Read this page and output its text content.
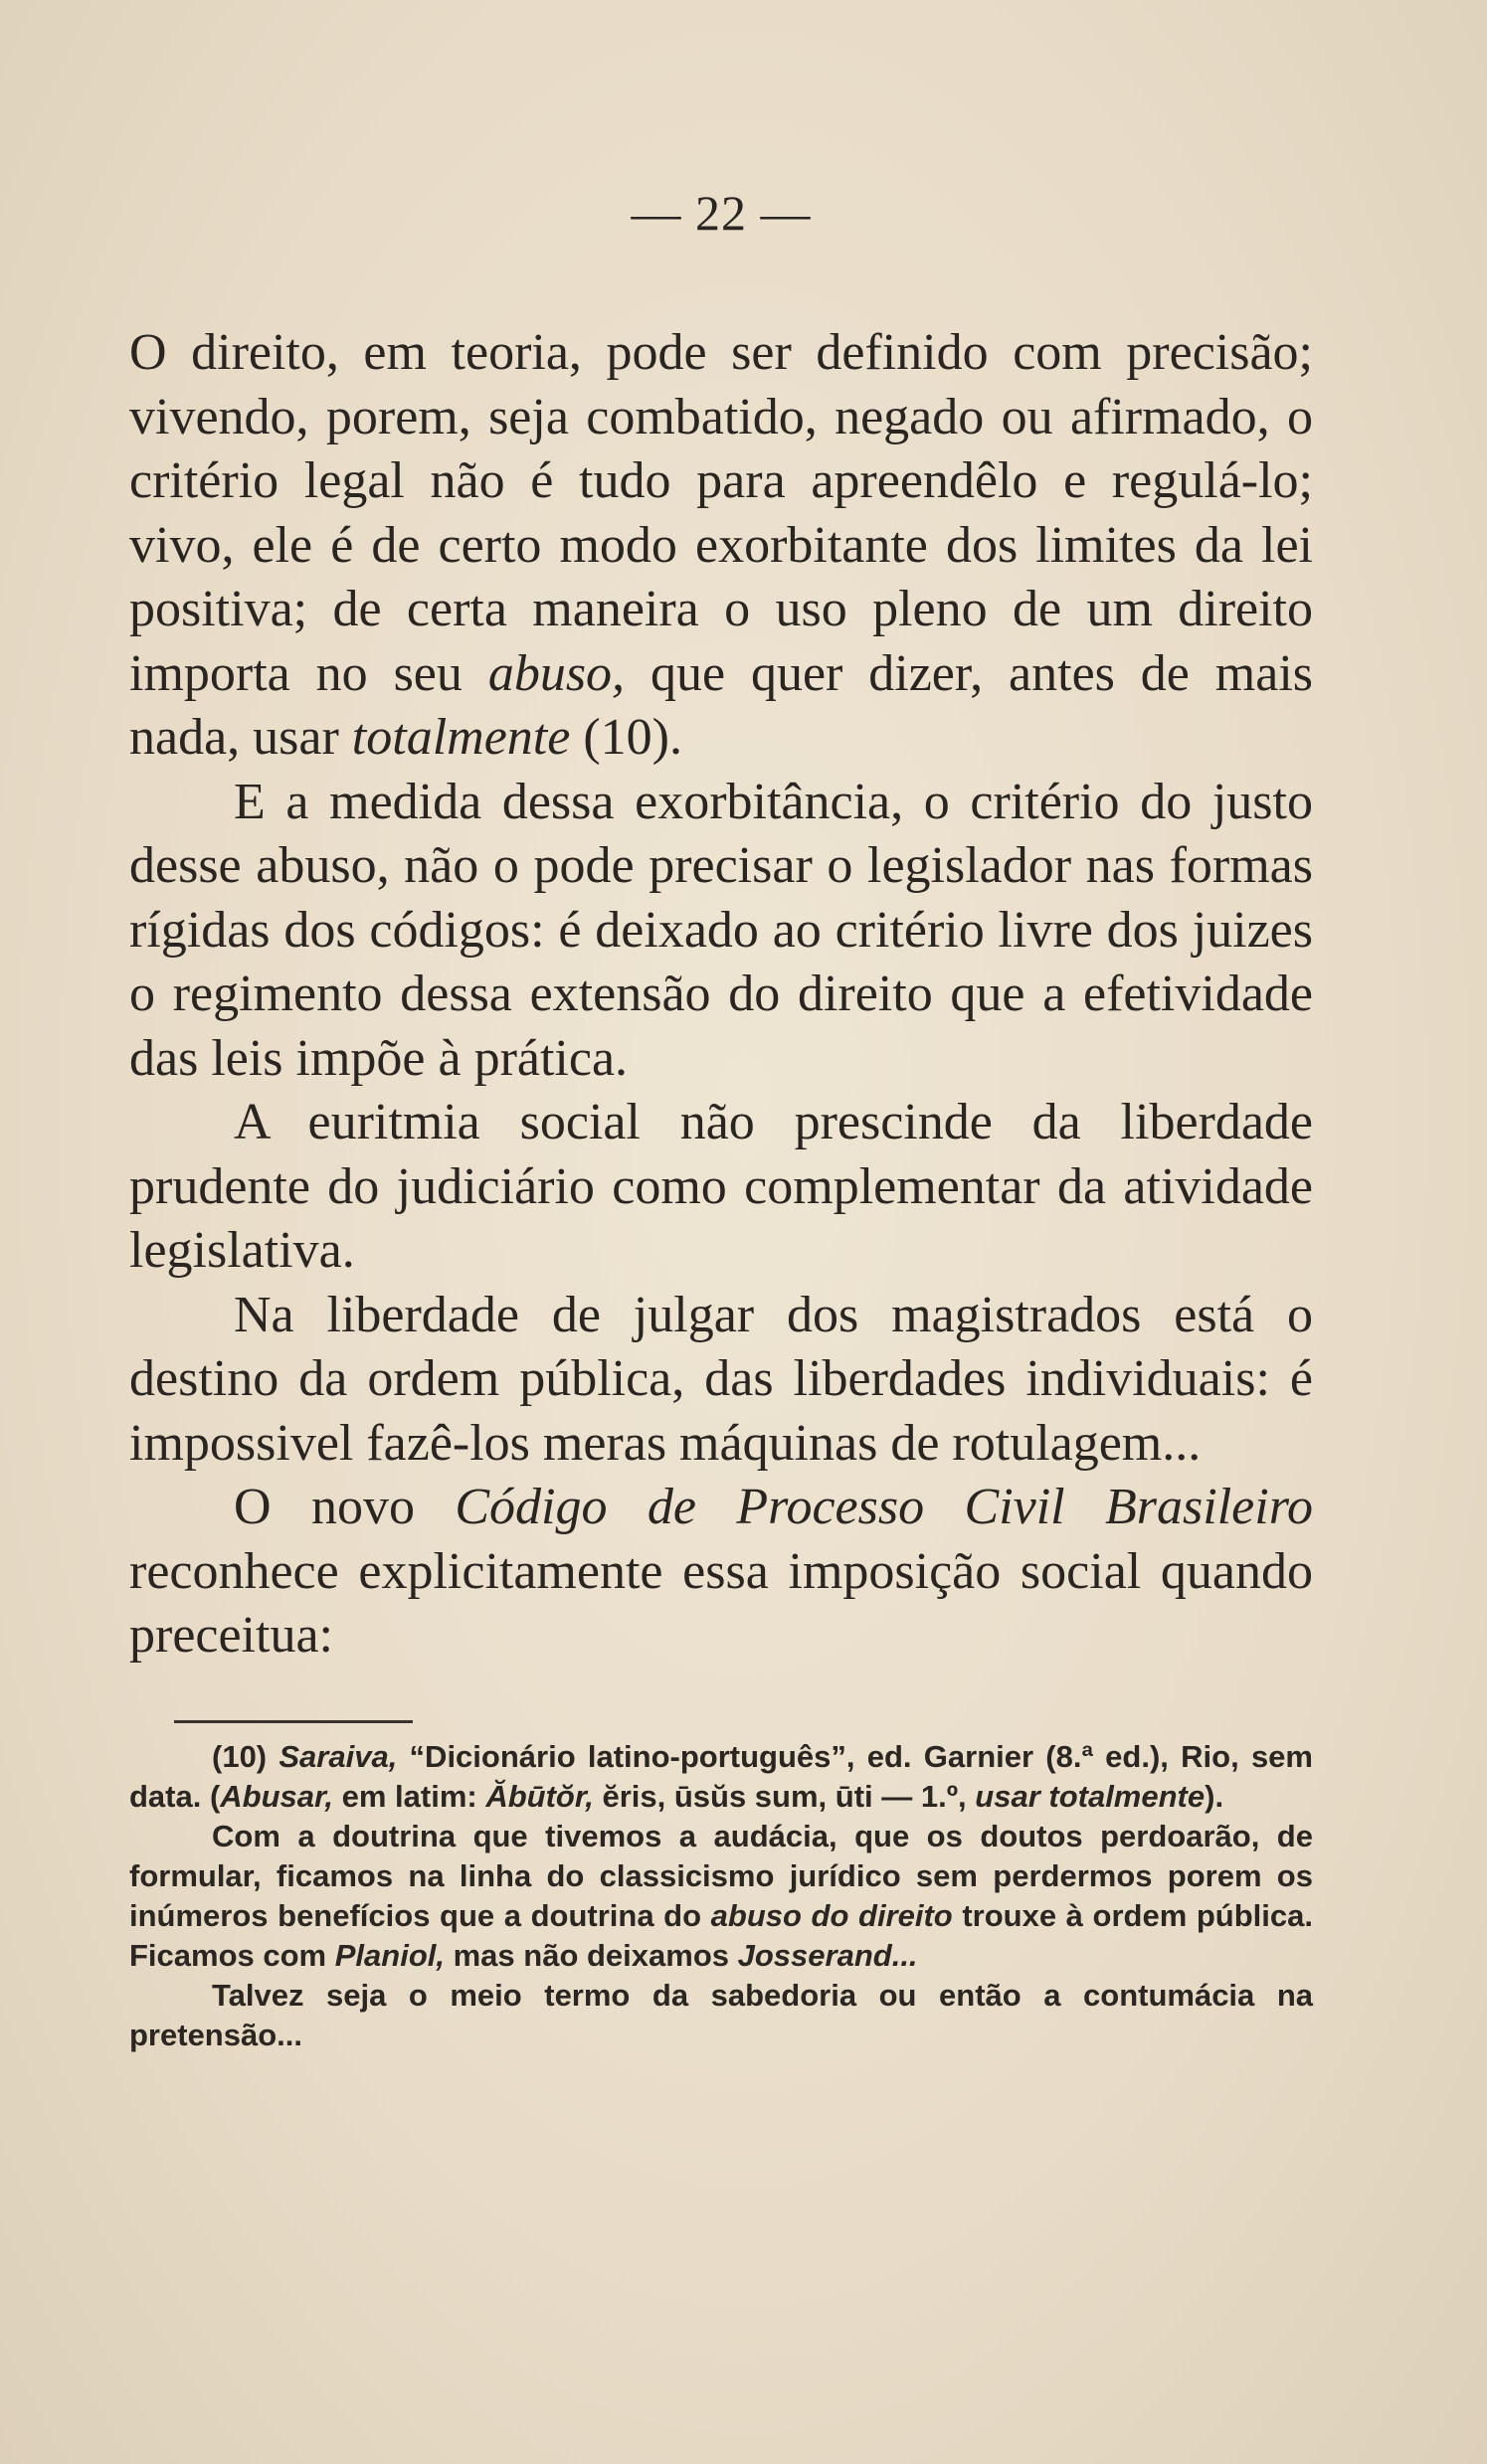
— 22 —

O direito, em teoria, pode ser definido com precisão; vivendo, porem, seja combatido, negado ou afirmado, o critério legal não é tudo para apreendêlo e regulá-lo; vivo, ele é de certo modo exorbitante dos limites da lei positiva; de certa maneira o uso pleno de um direito importa no seu abuso, que quer dizer, antes de mais nada, usar totalmente (10).

E a medida dessa exorbitância, o critério do justo desse abuso, não o pode precisar o legislador nas formas rígidas dos códigos: é deixado ao critério livre dos juizes o regimento dessa extensão do direito que a efetividade das leis impõe à prática.

A euritmia social não prescinde da liberdade prudente do judiciário como complementar da atividade legislativa.

Na liberdade de julgar dos magistrados está o destino da ordem pública, das liberdades individuais: é impossivel fazê-los meras máquinas de rotulagem...

O novo Código de Processo Civil Brasileiro reconhece explicitamente essa imposição social quando preceitua:

(10) Saraiva, “Dicionário latino-português”, ed. Garnier (8.ª ed.), Rio, sem data. (Abusar, em latim: Ăbūtŏr, ĕris, ūsŭs sum, ūti — 1.º, usar totalmente).

Com a doutrina que tivemos a audácia, que os doutos perdoarão, de formular, ficamos na linha do classicismo jurídico sem perdermos porem os inúmeros benefícios que a doutrina do abuso do direito trouxe à ordem pública. Ficamos com Planiol, mas não deixamos Josserand...

Talvez seja o meio termo da sabedoria ou então a contumácia na pretensão...
